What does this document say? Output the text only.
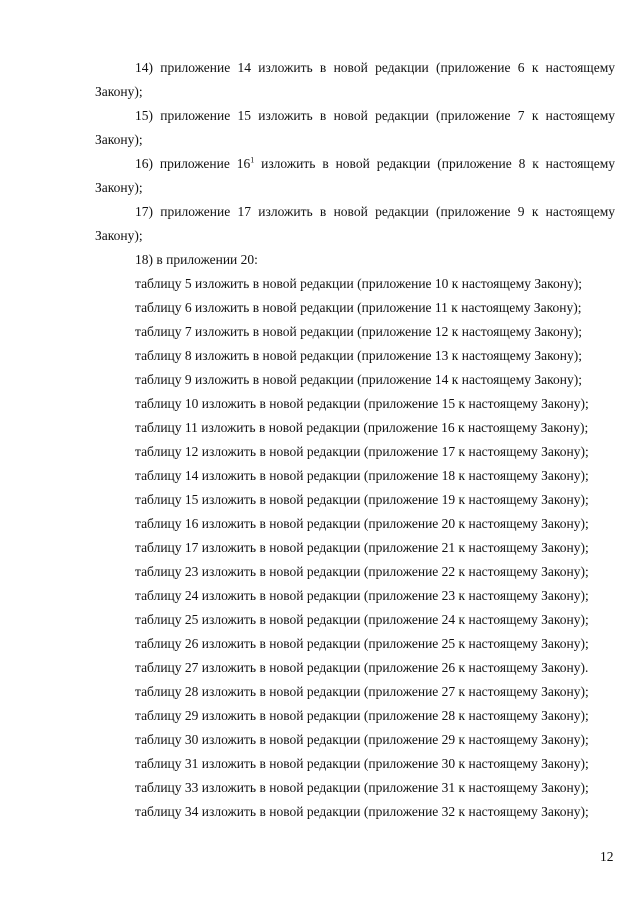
14) приложение 14 изложить в новой редакции (приложение 6 к настоящему
Закону);

15) приложение 15 изложить в новой редакции (приложение 7 к настоящему
Закону);

16) приложение $16^1$ изложить в новой редакции (приложение 8 к настоящему
Закону);

17) приложение 17 изложить в новой редакции (приложение 9 к настоящему
Закону);

18) в приложении 20:

таблицу 5 изложить в новой редакции (приложение 10 к настоящему Закону);
таблицу 6 изложить в новой редакции (приложение 11 к настоящему Закону);
таблицу 7 изложить в новой редакции (приложение 12 к настоящему Закону);
таблицу 8 изложить в новой редакции (приложение 13 к настоящему Закону);
таблицу 9 изложить в новой редакции (приложение 14 к настоящему Закону);
таблицу 10 изложить в новой редакции (приложение 15 к настоящему Закону);
таблицу 11 изложить в новой редакции (приложение 16 к настоящему Закону);
таблицу 12 изложить в новой редакции (приложение 17 к настоящему Закону);
таблицу 14 изложить в новой редакции (приложение 18 к настоящему Закону);
таблицу 15 изложить в новой редакции (приложение 19 к настоящему Закону);
таблицу 16 изложить в новой редакции (приложение 20 к настоящему Закону);
таблицу 17 изложить в новой редакции (приложение 21 к настоящему Закону);
таблицу 23 изложить в новой редакции (приложение 22 к настоящему Закону);
таблицу 24 изложить в новой редакции (приложение 23 к настоящему Закону);
таблицу 25 изложить в новой редакции (приложение 24 к настоящему Закону);
таблицу 26 изложить в новой редакции (приложение 25 к настоящему Закону);
таблицу 27 изложить в новой редакции (приложение 26 к настоящему Закону).
таблицу 28 изложить в новой редакции (приложение 27 к настоящему Закону);
таблицу 29 изложить в новой редакции (приложение 28 к настоящему Закону);
таблицу 30 изложить в новой редакции (приложение 29 к настоящему Закону);
таблицу 31 изложить в новой редакции (приложение 30 к настоящему Закону);
таблицу 33 изложить в новой редакции (приложение 31 к настоящему Закону);
таблицу 34 изложить в новой редакции (приложение 32 к настоящему Закону);

12
